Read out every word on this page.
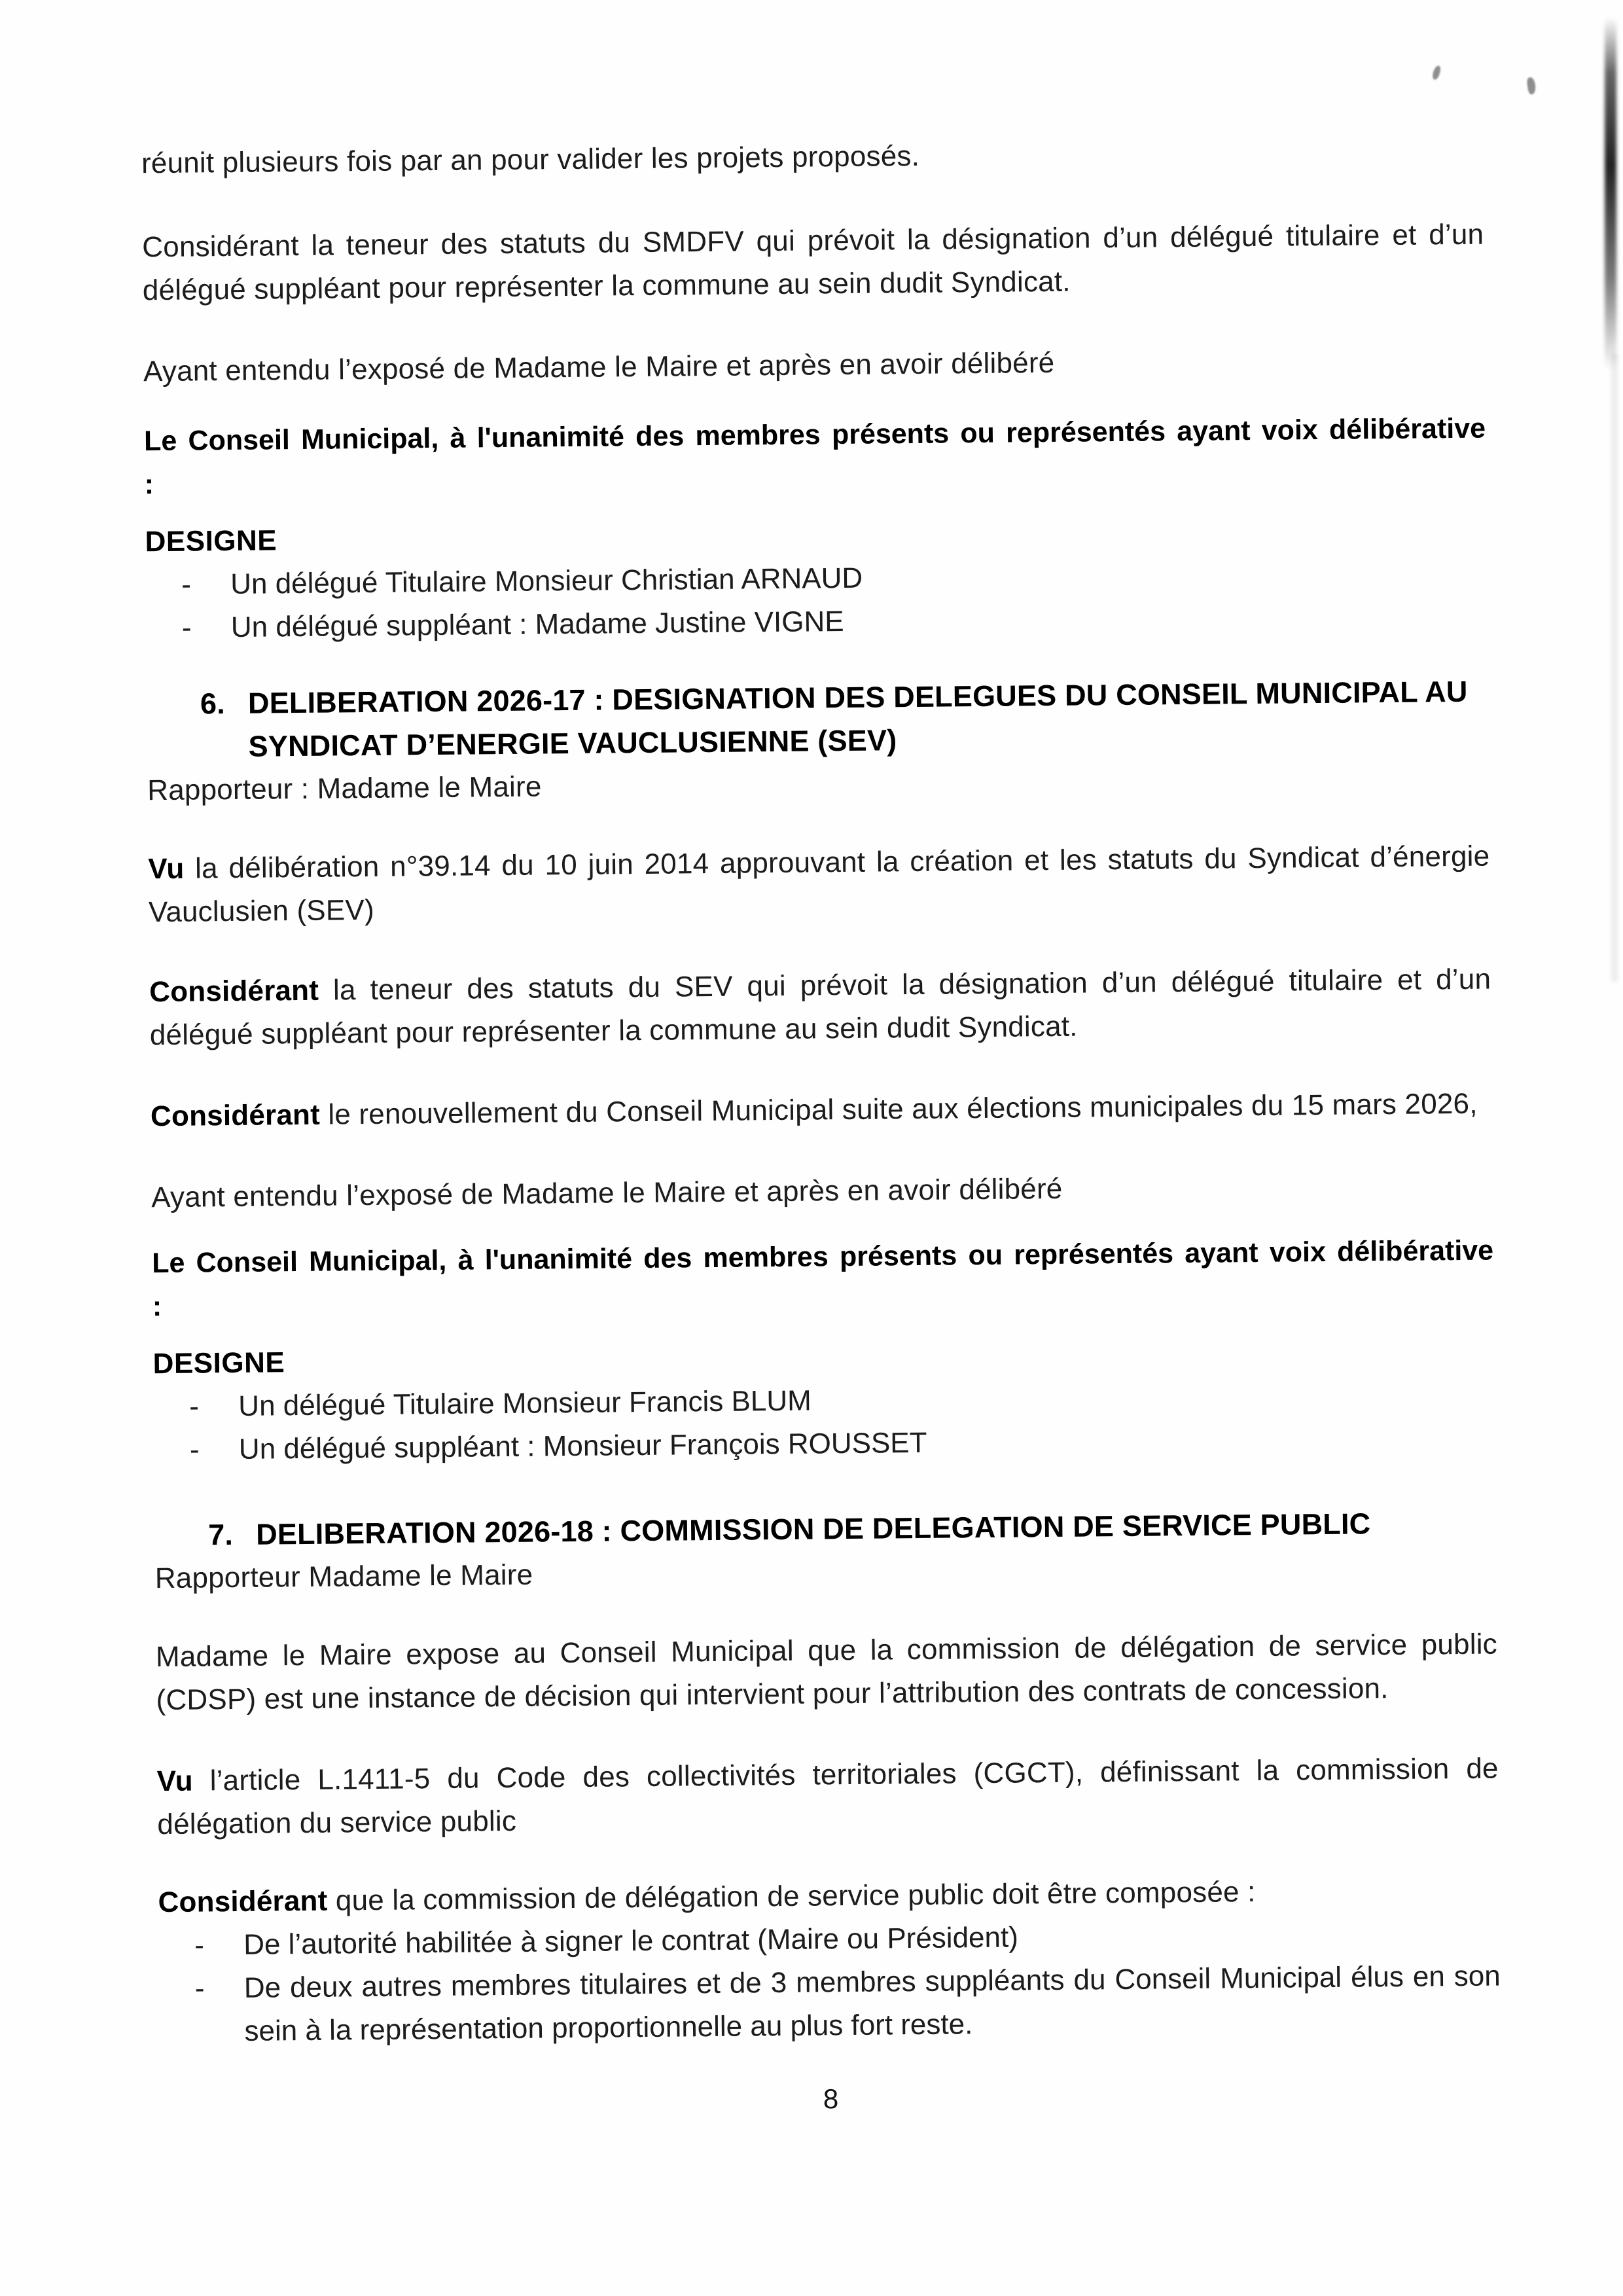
réunit plusieurs fois par an pour valider les projets proposés.

Considérant la teneur des statuts du SMDFV qui prévoit la désignation d’un délégué titulaire et d’un délégué suppléant pour représenter la commune au sein dudit Syndicat.

Ayant entendu l’exposé de Madame le Maire et après en avoir délibéré

Le Conseil Municipal, à l'unanimité des membres présents ou représentés ayant voix délibérative :

DESIGNE

- Un délégué Titulaire Monsieur Christian ARNAUD
- Un délégué suppléant : Madame Justine VIGNE
6. DELIBERATION 2026-17 : DESIGNATION DES DELEGUES DU CONSEIL MUNICIPAL AU SYNDICAT D’ENERGIE VAUCLUSIENNE (SEV)

Rapporteur : Madame le Maire

Vu la délibération n°39.14 du 10 juin 2014 approuvant la création et les statuts du Syndicat d’énergie Vauclusien (SEV)

Considérant la teneur des statuts du SEV qui prévoit la désignation d’un délégué titulaire et d’un délégué suppléant pour représenter la commune au sein dudit Syndicat.

Considérant le renouvellement du Conseil Municipal suite aux élections municipales du 15 mars 2026,

Ayant entendu l’exposé de Madame le Maire et après en avoir délibéré

Le Conseil Municipal, à l'unanimité des membres présents ou représentés ayant voix délibérative :

DESIGNE

- Un délégué Titulaire Monsieur Francis BLUM
- Un délégué suppléant : Monsieur François ROUSSET
7. DELIBERATION 2026-18 : COMMISSION DE DELEGATION DE SERVICE PUBLIC

Rapporteur Madame le Maire

Madame le Maire expose au Conseil Municipal que la commission de délégation de service public (CDSP) est une instance de décision qui intervient pour l’attribution des contrats de concession.

Vu l’article L.1411-5 du Code des collectivités territoriales (CGCT), définissant la commission de délégation du service public

Considérant que la commission de délégation de service public doit être composée :

- De l’autorité habilitée à signer le contrat (Maire ou Président)
- De deux autres membres titulaires et de 3 membres suppléants du Conseil Municipal élus en son sein à la représentation proportionnelle au plus fort reste.
8
